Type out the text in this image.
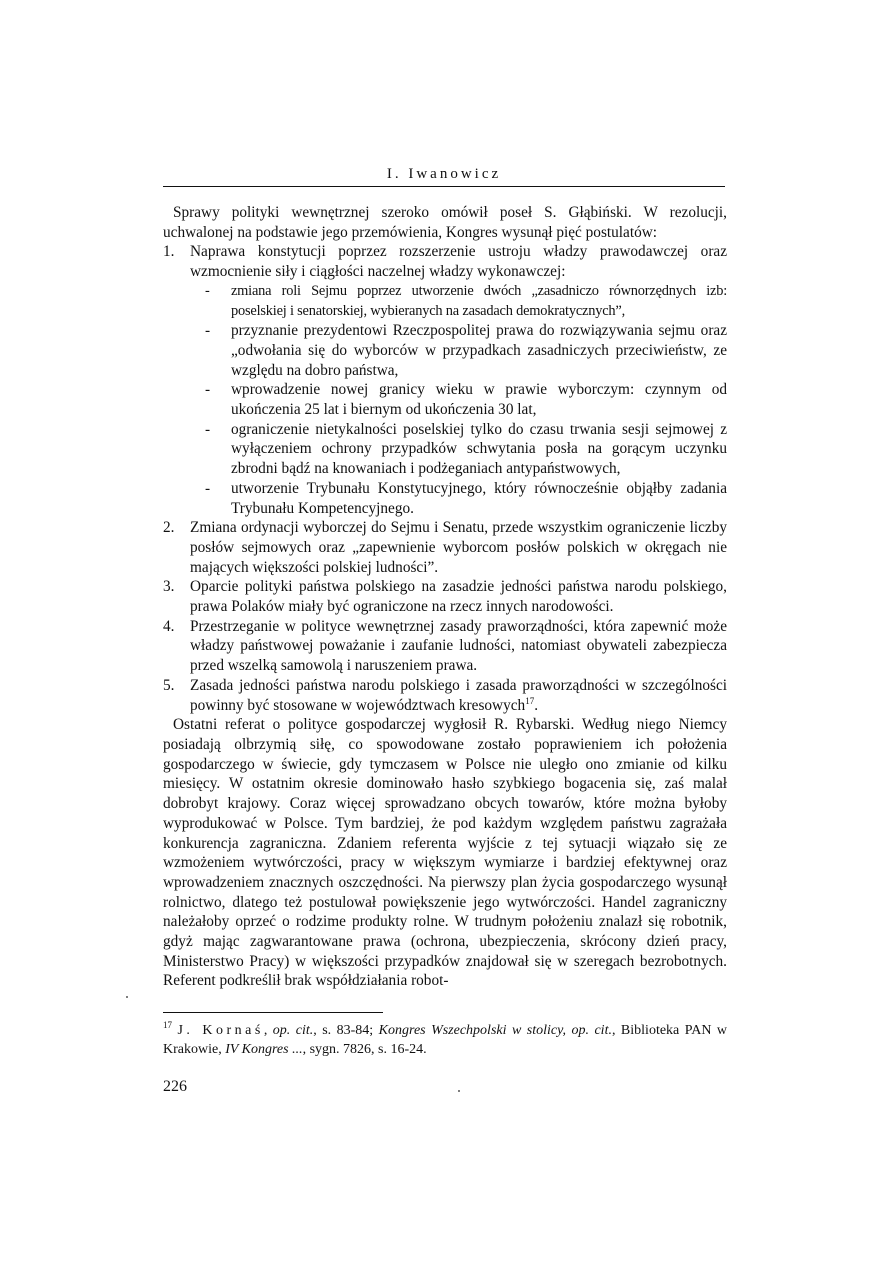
I. Iwanowicz

Sprawy polityki wewnętrznej szeroko omówił poseł S. Głąbiński. W rezolucji, uchwalonej na podstawie jego przemówienia, Kongres wysunął pięć postulatów:

1. Naprawa konstytucji poprzez rozszerzenie ustroju władzy prawodawczej oraz wzmocnienie siły i ciągłości naczelnej władzy wykonawczej:
- zmiana roli Sejmu poprzez utworzenie dwóch „zasadniczo równorzędnych izb: poselskiej i senatorskiej, wybieranych na zasadach demokratycznych”,
- przyznanie prezydentowi Rzeczpospolitej prawa do rozwiązywania sejmu oraz „odwołania się do wyborców w przypadkach zasadniczych przeciwieństw, ze względu na dobro państwa,
- wprowadzenie nowej granicy wieku w prawie wyborczym: czynnym od ukończenia 25 lat i biernym od ukończenia 30 lat,
- ograniczenie nietykalności poselskiej tylko do czasu trwania sesji sejmowej z wyłączeniem ochrony przypadków schwytania posła na gorącym uczynku zbrodni bądź na knowaniach i podżeganiach antypaństwowych,
- utworzenie Trybunału Konstytucyjnego, który równocześnie objąłby zadania Trybunału Kompetencyjnego.
2. Zmiana ordynacji wyborczej do Sejmu i Senatu, przede wszystkim ograniczenie liczby posłów sejmowych oraz „zapewnienie wyborcom posłów polskich w okręgach nie mających większości polskiej ludności”.
3. Oparcie polityki państwa polskiego na zasadzie jedności państwa narodu polskiego, prawa Polaków miały być ograniczone na rzecz innych narodowości.
4. Przestrzeganie w polityce wewnętrznej zasady praworządności, która zapewnić może władzy państwowej poważanie i zaufanie ludności, natomiast obywateli zabezpiecza przed wszelką samowolą i naruszeniem prawa.
5. Zasada jedności państwa narodu polskiego i zasada praworządności w szczególności powinny być stosowane w województwach kresowych$^{17}$.

Ostatni referat o polityce gospodarczej wygłosił R. Rybarski. Według niego Niemcy posiadają olbrzymią siłę, co spowodowane zostało poprawieniem ich położenia gospodarczego w świecie, gdy tymczasem w Polsce nie uległo ono zmianie od kilku miesięcy. W ostatnim okresie dominowało hasło szybkiego bogacenia się, zaś malał dobrobyt krajowy. Coraz więcej sprowadzano obcych towarów, które można byłoby wyprodukować w Polsce. Tym bardziej, że pod każdym względem państwu zagrażała konkurencja zagraniczna. Zdaniem referenta wyjście z tej sytuacji wiązało się ze wzmożeniem wytwórczości, pracy w większym wymiarze i bardziej efektywnej oraz wprowadzeniem znacznych oszczędności. Na pierwszy plan życia gospodarczego wysunął rolnictwo, dlatego też postulował powiększenie jego wytwórczości. Handel zagraniczny należałoby oprzeć o rodzime produkty rolne. W trudnym położeniu znalazł się robotnik, gdyż mając zagwarantowane prawa (ochrona, ubezpieczenia, skrócony dzień pracy, Ministerstwo Pracy) w większości przypadków znajdował się w szeregach bezrobotnych. Referent podkreślił brak współdziałania robot-

$^{17}$ J. Kornaś, op. cit., s. 83-84; Kongres Wszechpolski w stolicy, op. cit., Biblioteka PAN w Krakowie, IV Kongres ..., sygn. 7826, s. 16-24.
226
